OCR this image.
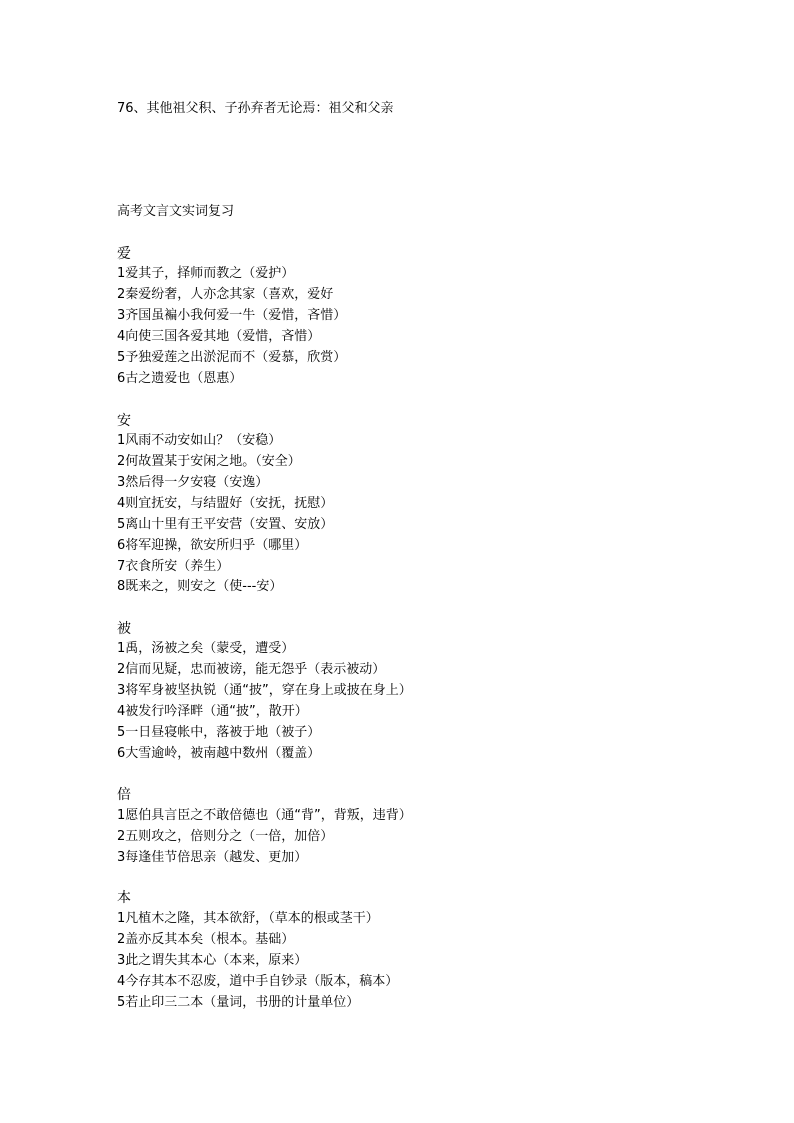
76、其他祖父积、子孙弃者无论焉：祖父和父亲
高考文言文实词复习
爱
1爱其子，择师而教之（爱护）
2秦爱纷奢，人亦念其家（喜欢，爱好
3齐国虽褊小我何爱一牛（爱惜，吝惜）
4向使三国各爱其地（爱惜，吝惜）
5予独爱莲之出淤泥而不（爱慕，欣赏）
6古之遗爱也（恩惠）
安
1风雨不动安如山？（安稳）
2何故置某于安闲之地。（安全）
3然后得一夕安寝（安逸）
4则宜抚安，与结盟好（安抚，抚慰）
5离山十里有王平安营（安置、安放）
6将军迎操，欲安所归乎（哪里）
7衣食所安（养生）
8既来之，则安之（使---安）
被
1禹，汤被之矣（蒙受，遭受）
2信而见疑，忠而被谤，能无怨乎（表示被动）
3将军身被坚执锐（通“披”，穿在身上或披在身上）
4被发行吟泽畔（通“披”，散开）
5一日昼寝帐中，落被于地（被子）
6大雪逾岭，被南越中数州（覆盖）
倍
1愿伯具言臣之不敢倍德也（通“背”，背叛，违背）
2五则攻之，倍则分之（一倍，加倍）
3每逢佳节倍思亲（越发、更加）
本
1凡植木之隆，其本欲舒，（草本的根或茎干）
2盖亦反其本矣（根本。基础）
3此之谓失其本心（本来，原来）
4今存其本不忍废，道中手自钞录（版本，稿本）
5若止印三二本（量词，书册的计量单位）
